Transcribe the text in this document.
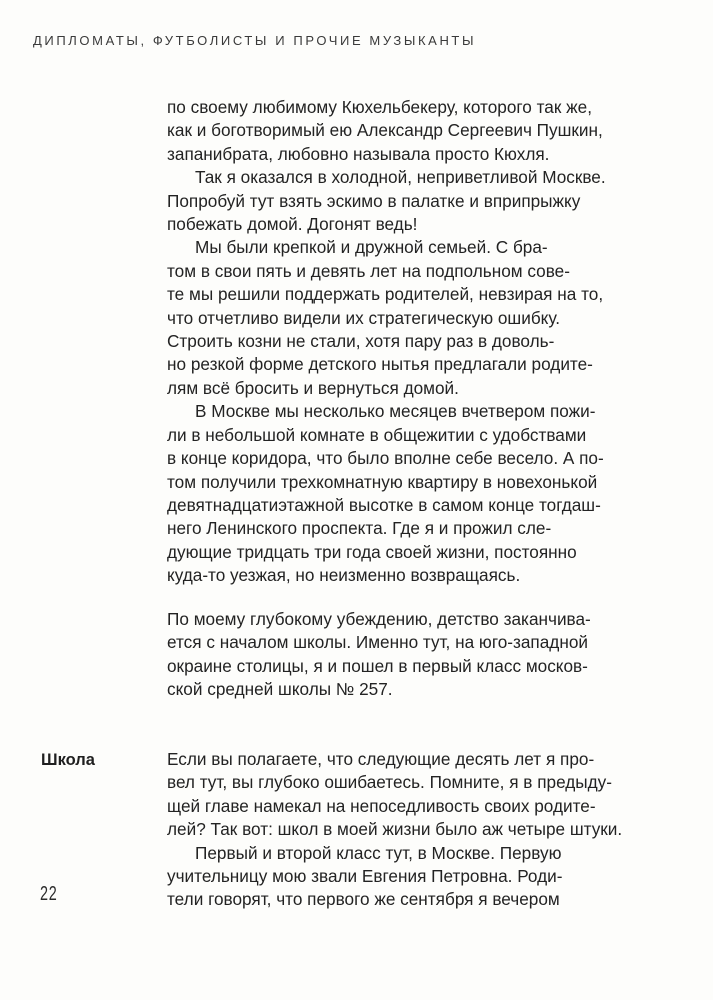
ДИПЛОМАТЫ, ФУТБОЛИСТЫ И ПРОЧИЕ МУЗЫКАНТЫ
по своему любимому Кюхельбекеру, которого так же,
как и боготворимый ею Александр Сергеевич Пушкин,
запанибрата, любовно называла просто Кюхля.
Так я оказался в холодной, неприветливой Москве.
Попробуй тут взять эскимо в палатке и вприпрыжку
побежать домой. Догонят ведь!
Мы были крепкой и дружной семьей. С бра-
том в свои пять и девять лет на подпольном сове-
те мы решили поддержать родителей, невзирая на то,
что отчетливо видели их стратегическую ошибку.
Строить козни не стали, хотя пару раз в доволь-
но резкой форме детского нытья предлагали родите-
лям всё бросить и вернуться домой.
В Москве мы несколько месяцев вчетвером пожи-
ли в небольшой комнате в общежитии с удобствами
в конце коридора, что было вполне себе весело. А по-
том получили трехкомнатную квартиру в новехонькой
девятнадцатиэтажной высотке в самом конце тогдаш-
него Ленинского проспекта. Где я и прожил сле-
дующие тридцать три года своей жизни, постоянно
куда-то уезжая, но неизменно возвращаясь.
По моему глубокому убеждению, детство заканчива-
ется с началом школы. Именно тут, на юго-западной
окраине столицы, я и пошел в первый класс москов-
ской средней школы № 257.
Школа	Если вы полагаете, что следующие десять лет я про-
вел тут, вы глубоко ошибаетесь. Помните, я в предыду-
щей главе намекал на непоседливость своих родите-
лей? Так вот: школ в моей жизни было аж четыре штуки.
Первый и второй класс тут, в Москве. Первую
учительницу мою звали Евгения Петровна. Роди-
тели говорят, что первого же сентября я вечером
22
